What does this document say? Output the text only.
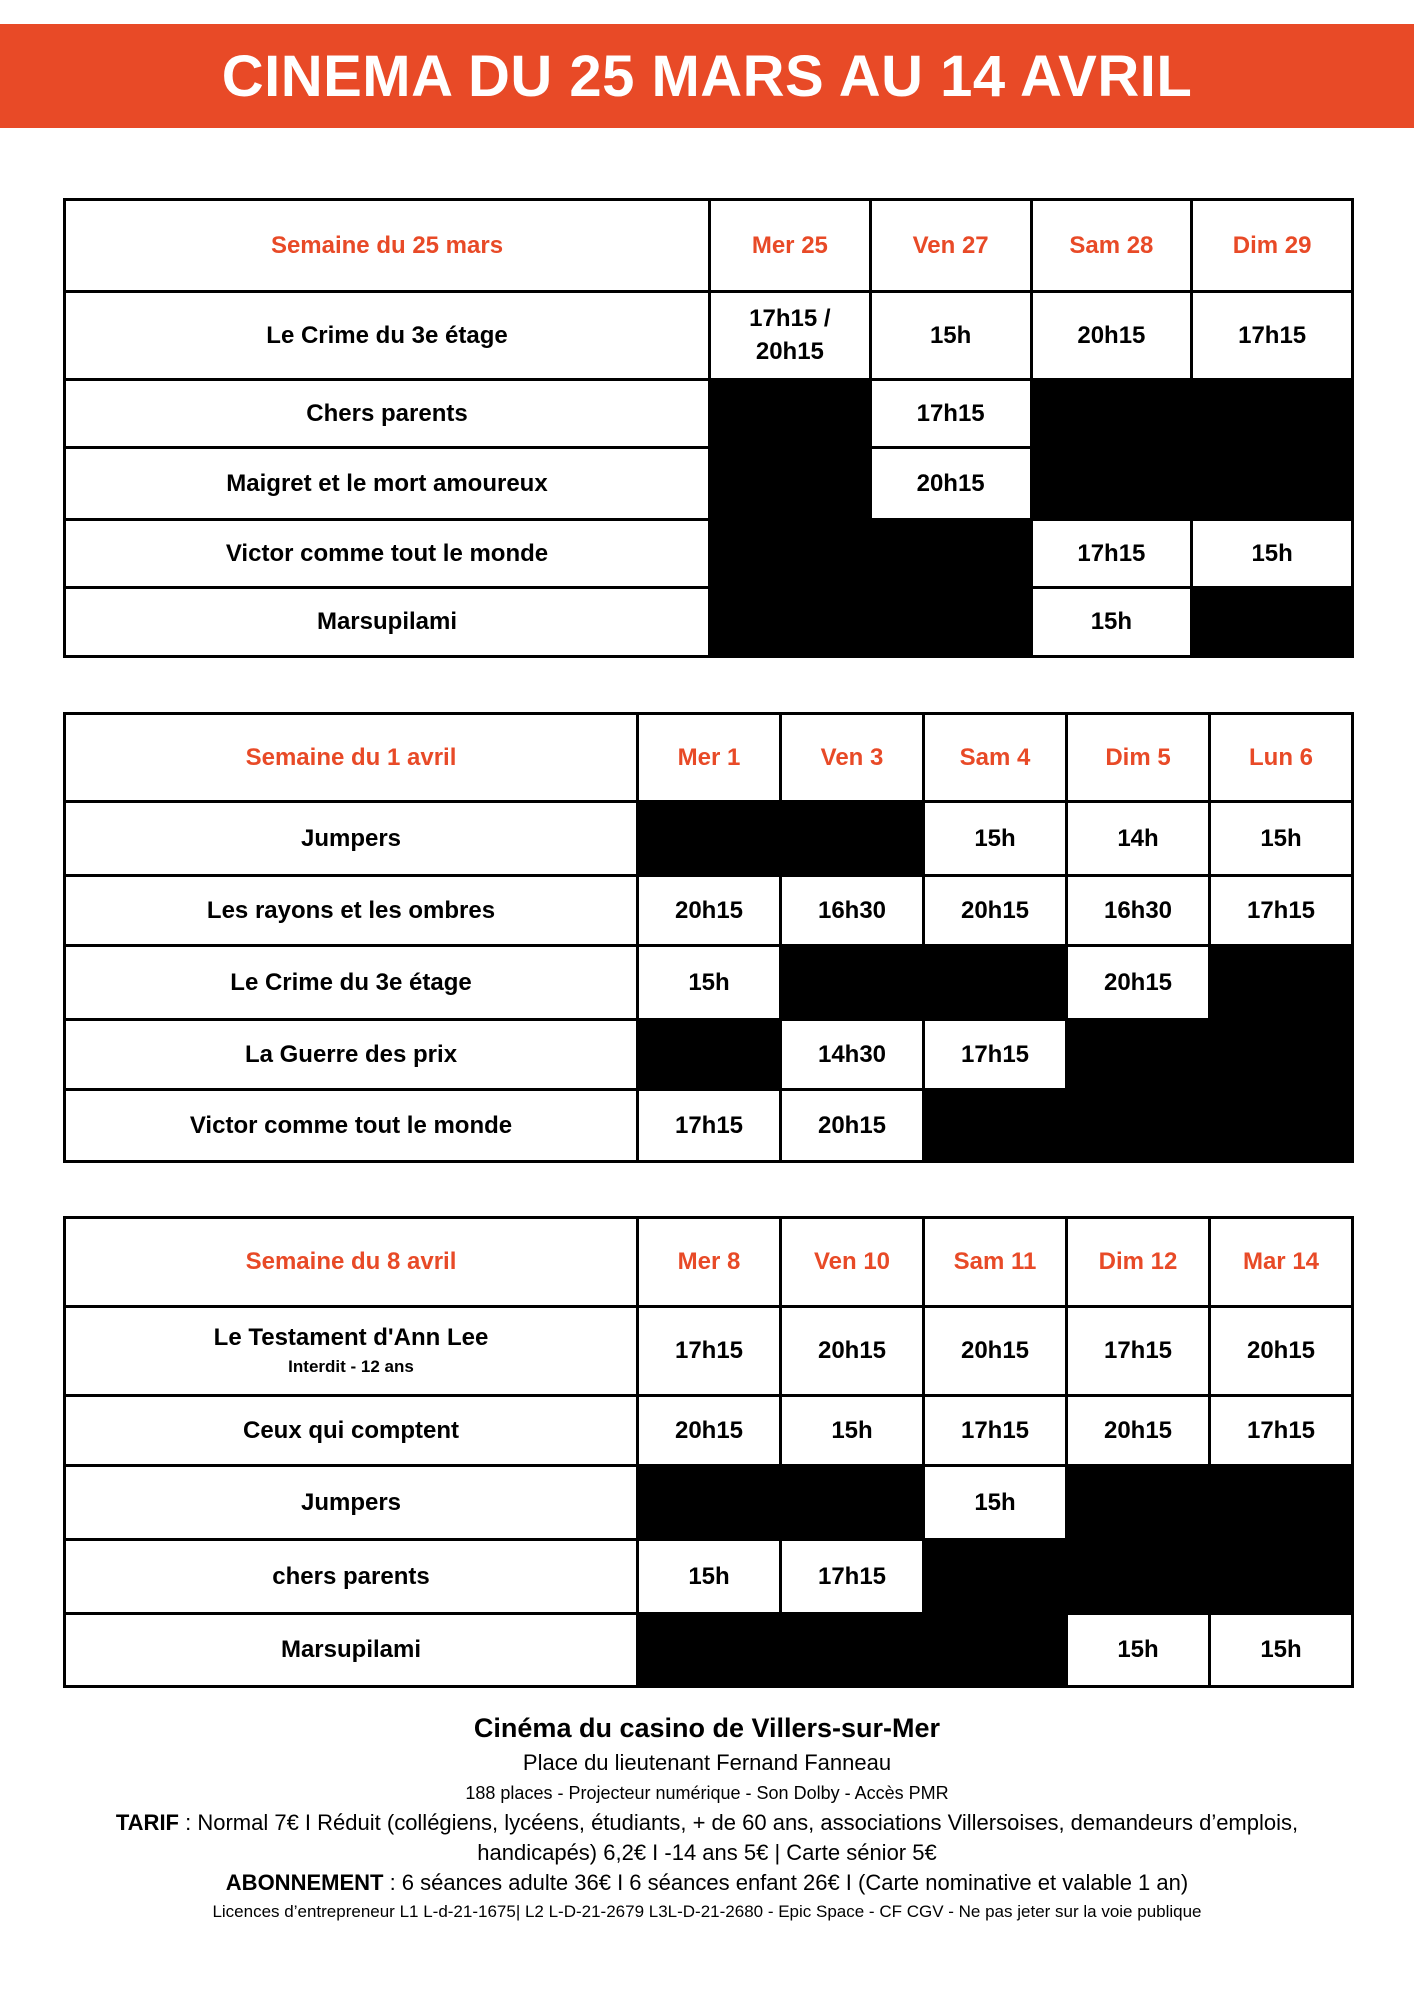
CINEMA DU 25 MARS AU 14 AVRIL
Semaine du 25 mars	Mer 25	Ven 27	Sam 28	Dim 29
Le Crime du 3e étage	17h15 / 20h15	15h	20h15	17h15
Chers parents		17h15		
Maigret et le mort amoureux		20h15		
Victor comme tout le monde			17h15	15h
Marsupilami			15h	
Semaine du 1 avril	Mer 1	Ven 3	Sam 4	Dim 5	Lun 6
Jumpers			15h	14h	15h
Les rayons et les ombres	20h15	16h30	20h15	16h30	17h15
Le Crime du 3e étage	15h			20h15	
La Guerre des prix		14h30	17h15		
Victor comme tout le monde	17h15	20h15			
Semaine du 8 avril	Mer 8	Ven 10	Sam 11	Dim 12	Mar 14
Le Testament d'Ann Lee
Interdit - 12 ans	17h15	20h15	20h15	17h15	20h15
Ceux qui comptent	20h15	15h	17h15	20h15	17h15
Jumpers			15h		
chers parents	15h	17h15			
Marsupilami				15h	15h
Cinéma du casino de Villers-sur-Mer
Place du lieutenant Fernand Fanneau
188 places - Projecteur numérique - Son Dolby - Accès PMR
TARIF : Normal 7€ I Réduit (collégiens, lycéens, étudiants, + de 60 ans, associations Villersoises, demandeurs d’emplois,
handicapés) 6,2€ I -14 ans 5€ | Carte sénior 5€
ABONNEMENT : 6 séances adulte 36€ I 6 séances enfant 26€ I (Carte nominative et valable 1 an)
Licences d’entrepreneur L1 L-d-21-1675| L2 L-D-21-2679 L3L-D-21-2680 - Epic Space - CF CGV - Ne pas jeter sur la voie publique
